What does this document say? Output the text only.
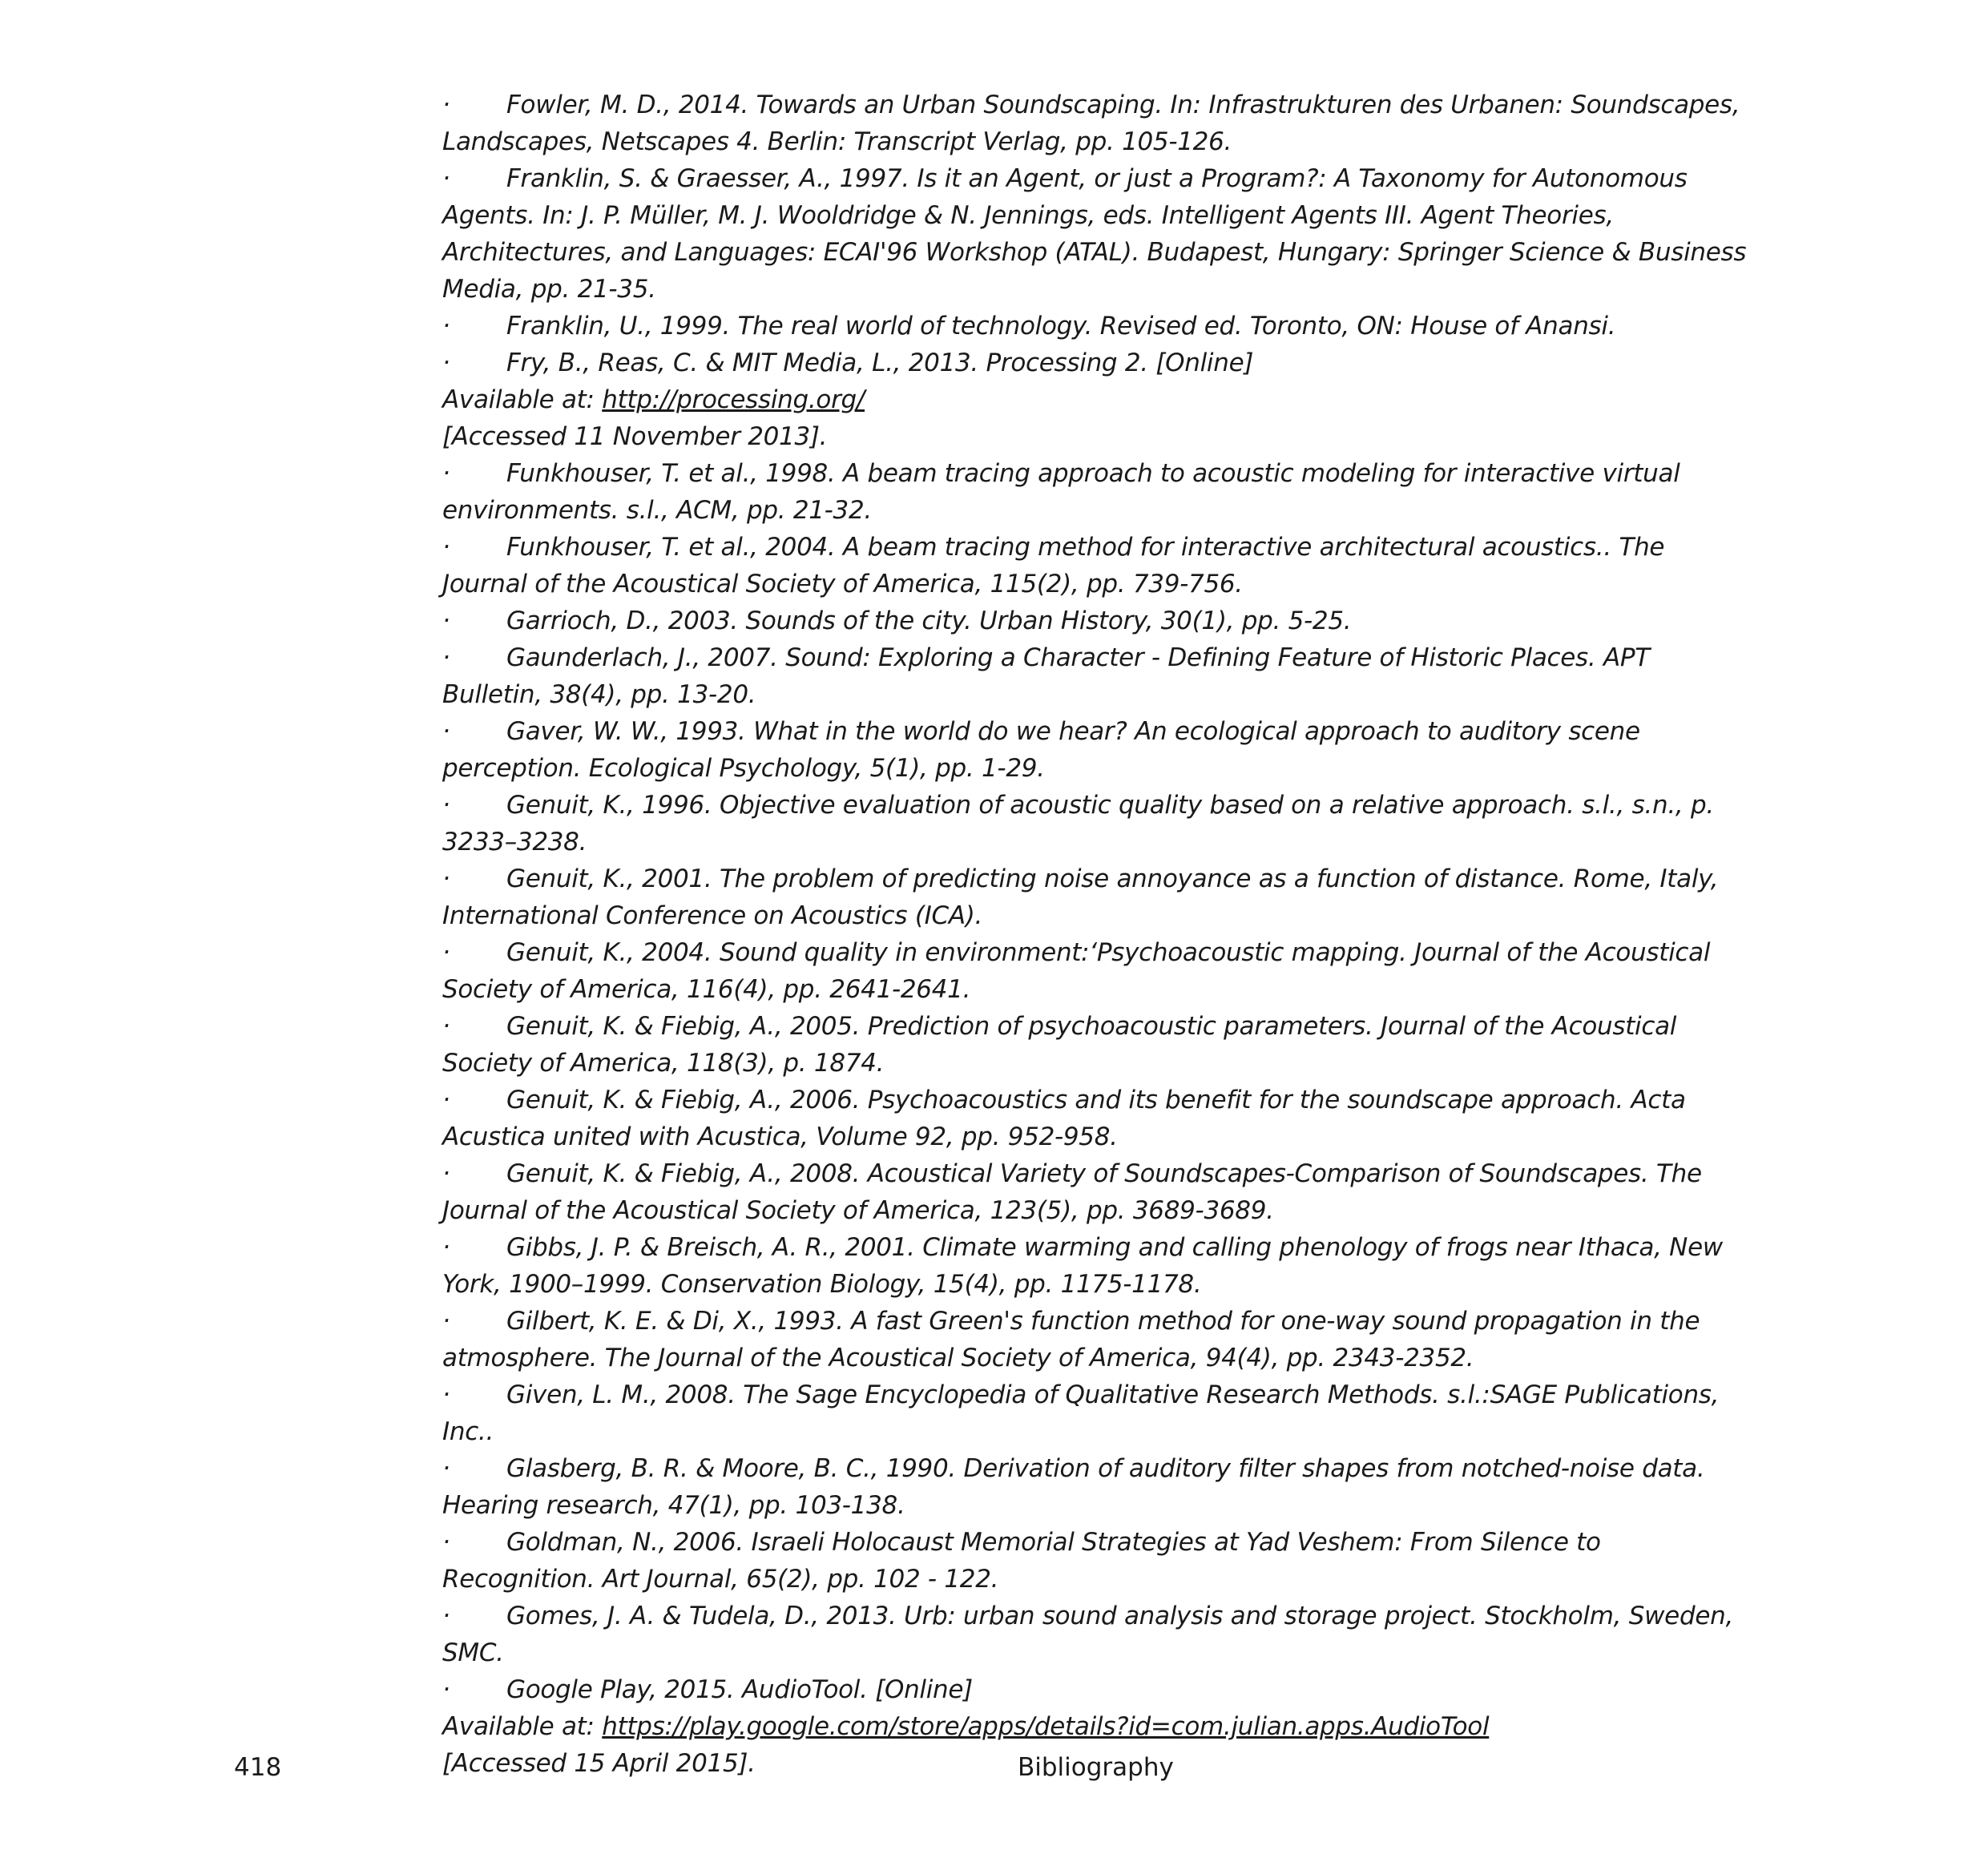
· Fowler, M. D., 2014. Towards an Urban Soundscaping. In: Infrastrukturen des Urbanen: Soundscapes, Landscapes, Netscapes 4. Berlin: Transcript Verlag, pp. 105-126.

· Franklin, S. & Graesser, A., 1997. Is it an Agent, or just a Program?: A Taxonomy for Autonomous Agents. In: J. P. Müller, M. J. Wooldridge & N. Jennings, eds. Intelligent Agents III. Agent Theories, Architectures, and Languages: ECAI'96 Workshop (ATAL). Budapest, Hungary: Springer Science & Business Media, pp. 21-35.

· Franklin, U., 1999. The real world of technology. Revised ed. Toronto, ON: House of Anansi.

· Fry, B., Reas, C. & MIT Media, L., 2013. Processing 2. [Online]

Available at: http://processing.org/

[Accessed 11 November 2013].

· Funkhouser, T. et al., 1998. A beam tracing approach to acoustic modeling for interactive virtual environments. s.l., ACM, pp. 21-32.

· Funkhouser, T. et al., 2004. A beam tracing method for interactive architectural acoustics.. The Journal of the Acoustical Society of America, 115(2), pp. 739-756.

· Garrioch, D., 2003. Sounds of the city. Urban History, 30(1), pp. 5-25.

· Gaunderlach, J., 2007. Sound: Exploring a Character - Defining Feature of Historic Places. APT Bulletin, 38(4), pp. 13-20.

· Gaver, W. W., 1993. What in the world do we hear? An ecological approach to auditory scene perception. Ecological Psychology, 5(1), pp. 1-29.

· Genuit, K., 1996. Objective evaluation of acoustic quality based on a relative approach. s.l., s.n., p. 3233–3238.

· Genuit, K., 2001. The problem of predicting noise annoyance as a function of distance. Rome, Italy, International Conference on Acoustics (ICA).

· Genuit, K., 2004. Sound quality in environment:‘Psychoacoustic mapping. Journal of the Acoustical Society of America, 116(4), pp. 2641-2641.

· Genuit, K. & Fiebig, A., 2005. Prediction of psychoacoustic parameters. Journal of the Acoustical Society of America, 118(3), p. 1874.

· Genuit, K. & Fiebig, A., 2006. Psychoacoustics and its benefit for the soundscape approach. Acta Acustica united with Acustica, Volume 92, pp. 952-958.

· Genuit, K. & Fiebig, A., 2008. Acoustical Variety of Soundscapes-Comparison of Soundscapes. The Journal of the Acoustical Society of America, 123(5), pp. 3689-3689.

· Gibbs, J. P. & Breisch, A. R., 2001. Climate warming and calling phenology of frogs near Ithaca, New York, 1900–1999. Conservation Biology, 15(4), pp. 1175-1178.

· Gilbert, K. E. & Di, X., 1993. A fast Green's function method for one-way sound propagation in the atmosphere. The Journal of the Acoustical Society of America, 94(4), pp. 2343-2352.

· Given, L. M., 2008. The Sage Encyclopedia of Qualitative Research Methods. s.l.:SAGE Publications, Inc..

· Glasberg, B. R. & Moore, B. C., 1990. Derivation of auditory filter shapes from notched-noise data. Hearing research, 47(1), pp. 103-138.

· Goldman, N., 2006. Israeli Holocaust Memorial Strategies at Yad Veshem: From Silence to Recognition. Art Journal, 65(2), pp. 102 - 122.

· Gomes, J. A. & Tudela, D., 2013. Urb: urban sound analysis and storage project. Stockholm, Sweden, SMC.

· Google Play, 2015. AudioTool. [Online]

Available at: https://play.google.com/store/apps/details?id=com.julian.apps.AudioTool

[Accessed 15 April 2015].

418	Bibliography
